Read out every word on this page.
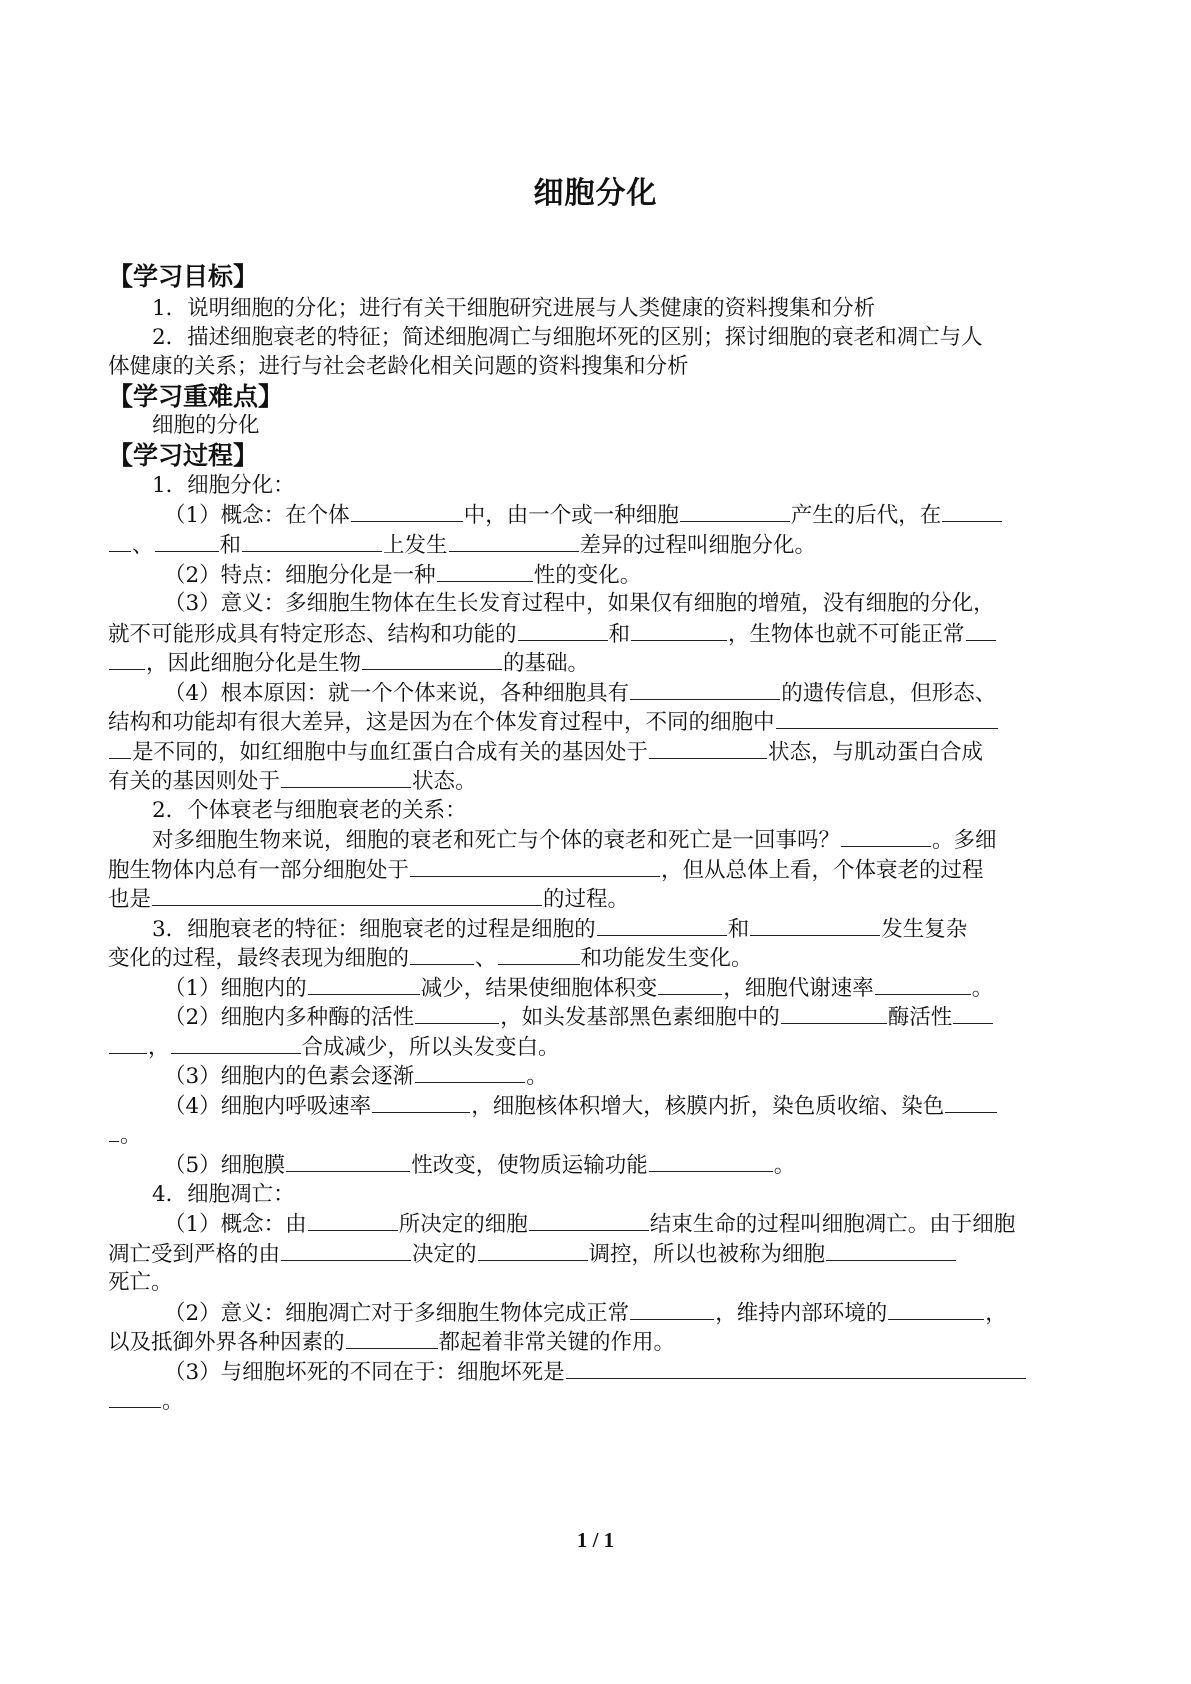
细胞分化
【学习目标】
1．说明细胞的分化；进行有关干细胞研究进展与人类健康的资料搜集和分析
2．描述细胞衰老的特征；简述细胞凋亡与细胞坏死的区别；探讨细胞的衰老和凋亡与人
体健康的关系；进行与社会老龄化相关问题的资料搜集和分析
【学习重难点】
细胞的分化
【学习过程】
1．细胞分化：
（1）概念：在个体	中，由一个或一种细胞	产生的后代，在
、	和	上发生	差异的过程叫细胞分化。
（2）特点：细胞分化是一种	性的变化。
（3）意义：多细胞生物体在生长发育过程中，如果仅有细胞的增殖，没有细胞的分化，
就不可能形成具有特定形态、结构和功能的	和	，生物体也就不可能正常
，因此细胞分化是生物	的基础。
（4）根本原因：就一个个体来说，各种细胞具有	的遗传信息，但形态、
结构和功能却有很大差异，这是因为在个体发育过程中，不同的细胞中
是不同的，如红细胞中与血红蛋白合成有关的基因处于	状态，与肌动蛋白合成
有关的基因则处于	状态。
2．个体衰老与细胞衰老的关系：
对多细胞生物来说，细胞的衰老和死亡与个体的衰老和死亡是一回事吗？	。多细
胞生物体内总有一部分细胞处于	，但从总体上看，个体衰老的过程
也是	的过程。
3．细胞衰老的特征：细胞衰老的过程是细胞的	和	发生复杂
变化的过程，最终表现为细胞的	、	和功能发生变化。
（1）细胞内的	减少，结果使细胞体积变	，细胞代谢速率	。
（2）细胞内多种酶的活性	，如头发基部黑色素细胞中的	酶活性
，	合成减少，所以头发变白。
（3）细胞内的色素会逐渐	。
（4）细胞内呼吸速率	，细胞核体积增大，核膜内折，染色质收缩、染色
。
（5）细胞膜	性改变，使物质运输功能	。
4．细胞凋亡：
（1）概念：由	所决定的细胞	结束生命的过程叫细胞凋亡。由于细胞
凋亡受到严格的由	决定的	调控，所以也被称为细胞
死亡。
（2）意义：细胞凋亡对于多细胞生物体完成正常	，维持内部环境的	，
以及抵御外界各种因素的	都起着非常关键的作用。
（3）与细胞坏死的不同在于：细胞坏死是
。
1 / 1
